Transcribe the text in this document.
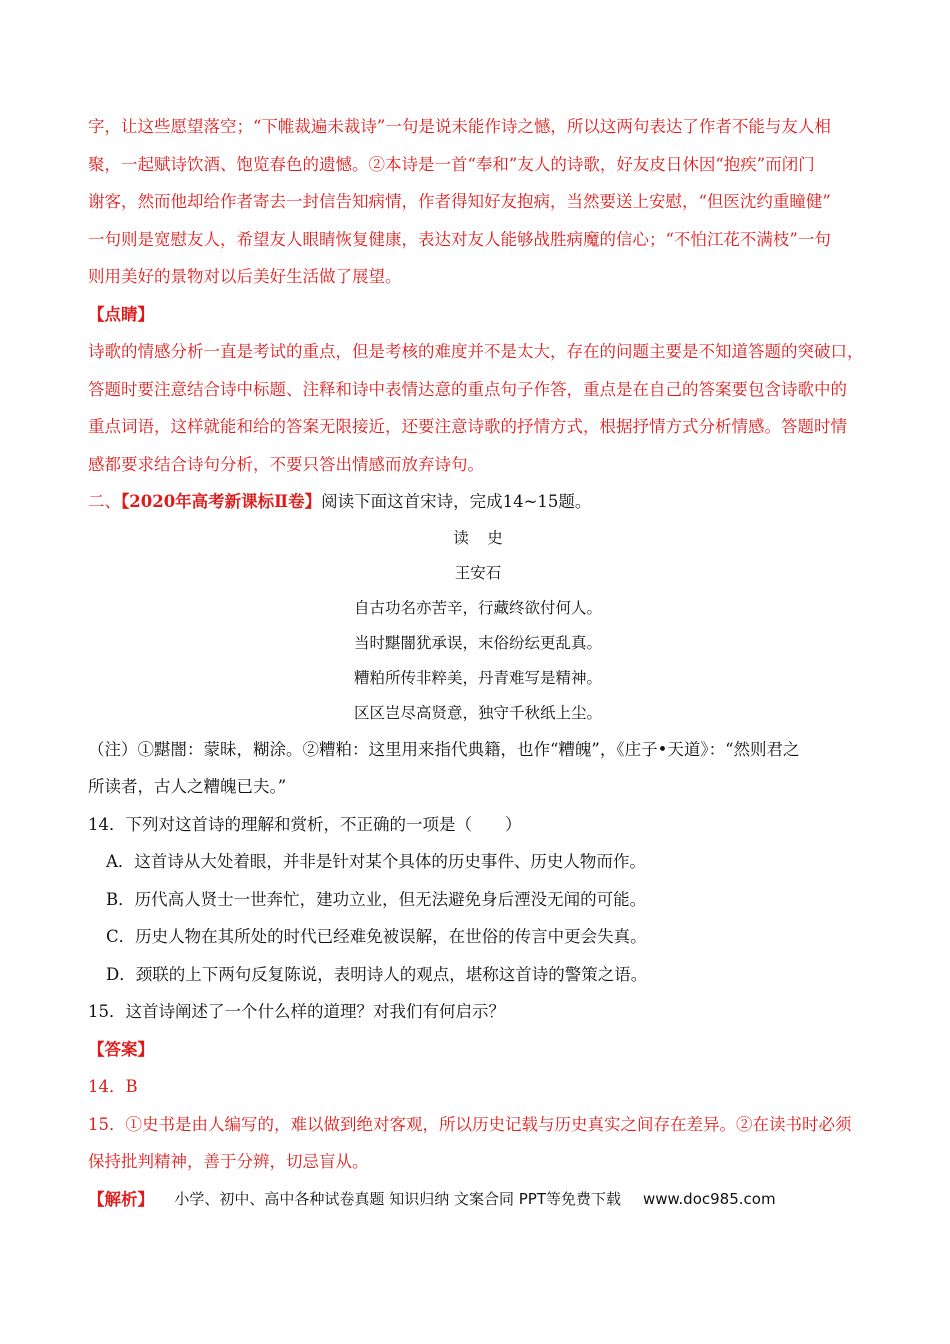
字，让这些愿望落空；“下帷裁遍未裁诗”一句是说未能作诗之憾，所以这两句表达了作者不能与友人相

聚，一起赋诗饮酒、饱览春色的遗憾。②本诗是一首“奉和”友人的诗歌，好友皮日休因“抱疾”而闭门

谢客，然而他却给作者寄去一封信告知病情，作者得知好友抱病，当然要送上安慰，“但医沈约重瞳健”

一句则是宽慰友人，希望友人眼睛恢复健康，表达对友人能够战胜病魔的信心；“不怕江花不满枝”一句

则用美好的景物对以后美好生活做了展望。

【点睛】

诗歌的情感分析一直是考试的重点，但是考核的难度并不是太大，存在的问题主要是不知道答题的突破口，

答题时要注意结合诗中标题、注释和诗中表情达意的重点句子作答，重点是在自己的答案要包含诗歌中的

重点词语，这样就能和给的答案无限接近，还要注意诗歌的抒情方式，根据抒情方式分析情感。答题时情

感都要求结合诗句分析，不要只答出情感而放弃诗句。

二、【2020年高考新课标Ⅱ卷】阅读下面这首宋诗，完成14~15题。

读史

王安石

自古功名亦苦辛，行藏终欲付何人。

当时黮闇犹承误，末俗纷纭更乱真。

糟粕所传非粹美，丹青难写是精神。

区区岂尽高贤意，独守千秋纸上尘。

（注）①黮闇：蒙昧，糊涂。②糟粕：这里用来指代典籍，也作“糟魄”，《庄子•天道》：“然则君之

所读者，古人之糟魄已夫。”

14．下列对这首诗的理解和赏析，不正确的一项是（　　）

A．这首诗从大处着眼，并非是针对某个具体的历史事件、历史人物而作。

B．历代高人贤士一世奔忙，建功立业，但无法避免身后湮没无闻的可能。

C．历史人物在其所处的时代已经难免被误解，在世俗的传言中更会失真。

D．颈联的上下两句反复陈说，表明诗人的观点，堪称这首诗的警策之语。

15．这首诗阐述了一个什么样的道理？对我们有何启示？

【答案】

14．B

15．①史书是由人编写的，难以做到绝对客观，所以历史记载与历史真实之间存在差异。②在读书时必须

保持批判精神，善于分辨，切忌盲从。

【解析】	小学、初中、高中各种试卷真题 知识归纳 文案合同 PPT等免费下载 www.doc985.com
